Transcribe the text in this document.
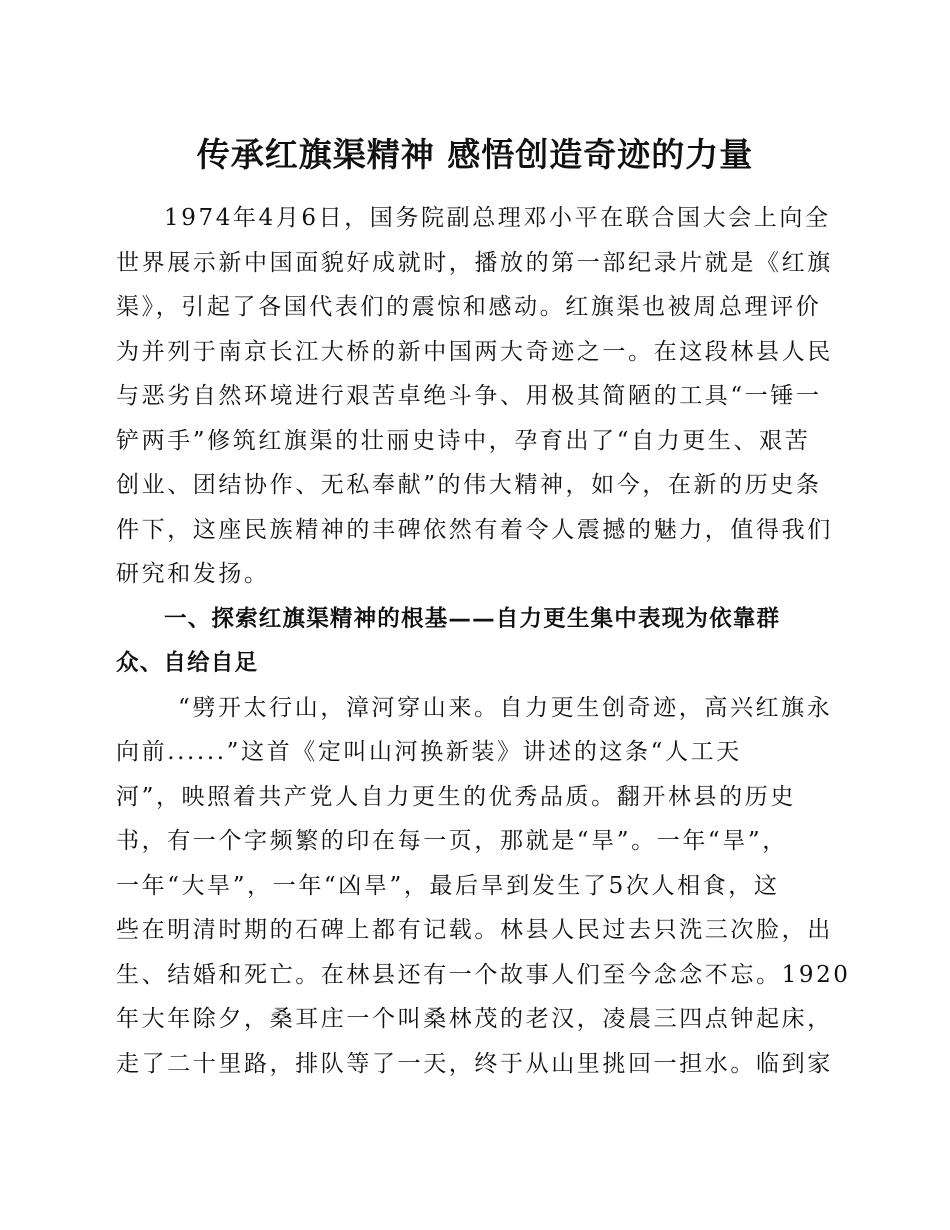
传承红旗渠精神 感悟创造奇迹的力量
1974年4月6日，国务院副总理邓小平在联合国大会上向全
世界展示新中国面貌好成就时，播放的第一部纪录片就是《红旗
渠》，引起了各国代表们的震惊和感动。红旗渠也被周总理评价
为并列于南京长江大桥的新中国两大奇迹之一。在这段林县人民
与恶劣自然环境进行艰苦卓绝斗争、用极其简陋的工具“一锤一
铲两手”修筑红旗渠的壮丽史诗中，孕育出了“自力更生、艰苦
创业、团结协作、无私奉献”的伟大精神，如今，在新的历史条
件下，这座民族精神的丰碑依然有着令人震撼的魅力，值得我们
研究和发扬。
一、探索红旗渠精神的根基——自力更生集中表现为依靠群
众、自给自足
“劈开太行山，漳河穿山来。自力更生创奇迹，高兴红旗永
向前......”这首《定叫山河换新装》讲述的这条“人工天
河”，映照着共产党人自力更生的优秀品质。翻开林县的历史
书，有一个字频繁的印在每一页，那就是“旱”。一年“旱”，
一年“大旱”，一年“凶旱”，最后旱到发生了5次人相食，这
些在明清时期的石碑上都有记载。林县人民过去只洗三次脸，出
生、结婚和死亡。在林县还有一个故事人们至今念念不忘。1920
年大年除夕，桑耳庄一个叫桑林茂的老汉，凌晨三四点钟起床，
走了二十里路，排队等了一天，终于从山里挑回一担水。临到家
